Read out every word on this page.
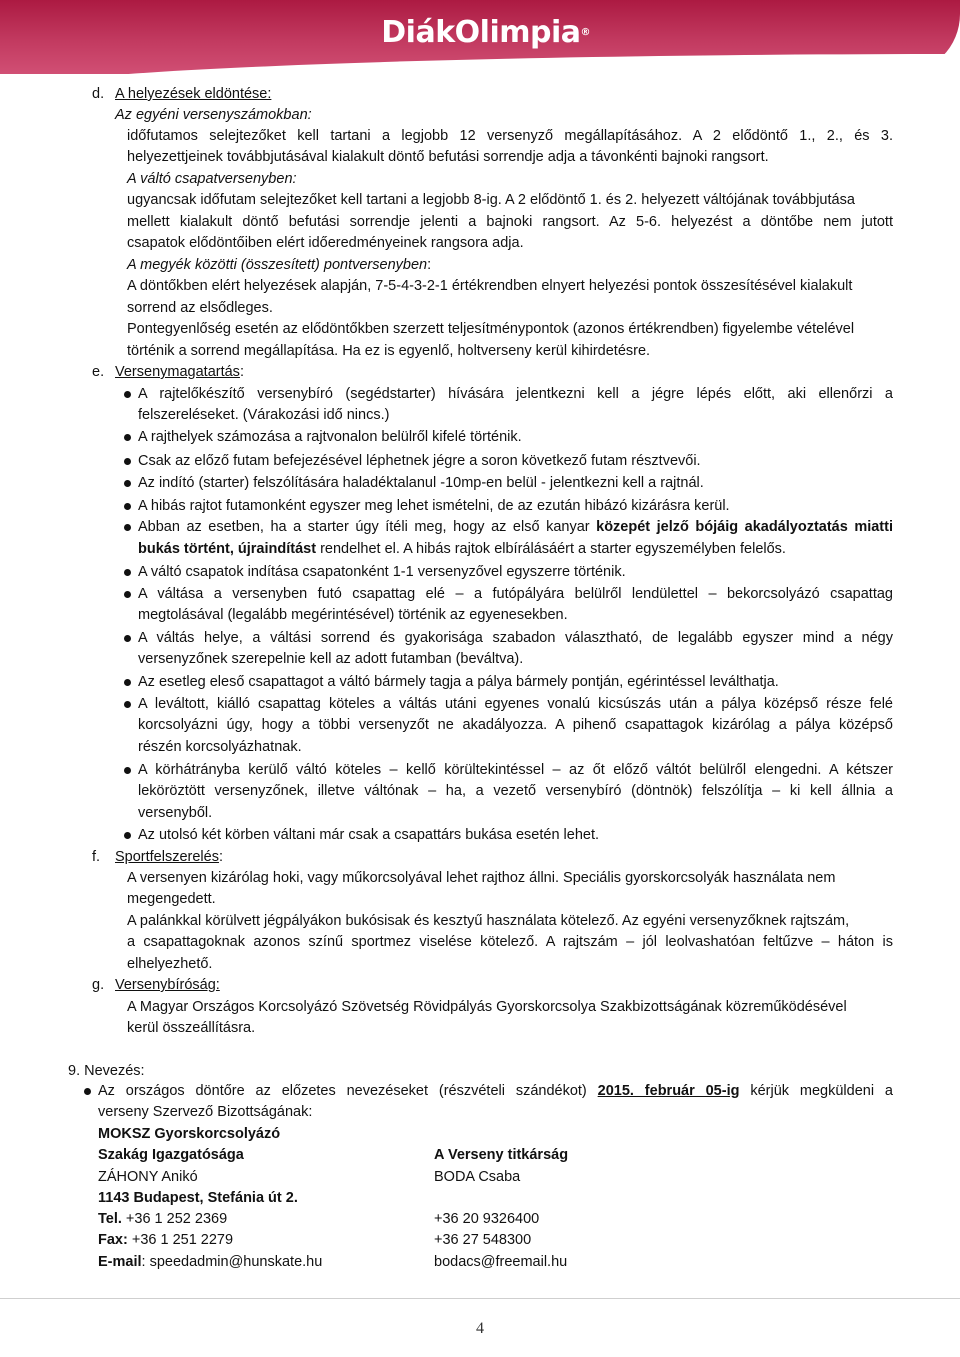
DiákOlimpia®
d. A helyezések eldöntése:
Az egyéni versenyszámokban:
időfutamos selejtezőket kell tartani a legjobb 12 versenyző megállapításához. A 2 elődöntő 1., 2., és 3.
helyezettjeinek továbbjutásával kialakult döntő befutási sorrendje adja a távonkénti bajnoki rangsort.
A váltó csapatversenyben:
ugyancsak időfutam selejtezőket kell tartani a legjobb 8-ig. A 2 elődöntő 1. és 2. helyezett váltójának továbbjutása
mellett kialakult döntő befutási sorrendje jelenti a bajnoki rangsort. Az 5-6. helyezést a döntőbe nem jutott
csapatok elődöntőiben elért időeredményeinek rangsora adja.
A megyék közötti (összesített) pontversenyben:
A döntőkben elért helyezések alapján, 7-5-4-3-2-1 értékrendben elnyert helyezési pontok összesítésével kialakult
sorrend az elsődleges.
Pontegyenlőség esetén az elődöntőkben szerzett teljesítménypontok (azonos értékrendben) figyelembe vételével
történik a sorrend megállapítása. Ha ez is egyenlő, holtverseny kerül kihirdetésre.
e. Versenymagatartás:
A rajtelőkészítő versenybíró (segédstarter) hívására jelentkezni kell a jégre lépés előtt, aki ellenőrzi a
felszereléseket. (Várakozási idő nincs.)
A rajthelyek számozása a rajtvonalon belülről kifelé történik.
Csak az előző futam befejezésével léphetnek jégre a soron következő futam résztvevői.
Az indító (starter) felszólítására haladéktalanul -10mp-en belül - jelentkezni kell a rajtnál.
A hibás rajtot futamonként egyszer meg lehet ismételni, de az ezután hibázó kizárásra kerül.
Abban az esetben, ha a starter úgy ítéli meg, hogy az első kanyar közepét jelző bójáig akadályoztatás miatti
bukás történt, újraindítást rendelhet el. A hibás rajtok elbírálásáért a starter egyszemélyben felelős.
A váltó csapatok indítása csapatonként 1-1 versenyzővel egyszerre történik.
A váltása a versenyben futó csapattag elé – a futópályára belülről lendülettel – bekorcsolyázó csapattag
megtolásával (legalább megérintésével) történik az egyenesekben.
A váltás helye, a váltási sorrend és gyakorisága szabadon választható, de legalább egyszer mind a négy
versenyzőnek szerepelnie kell az adott futamban (beváltva).
Az esetleg eleső csapattagot a váltó bármely tagja a pálya bármely pontján, egérintéssel leválthatja.
A leváltott, kiálló csapattag köteles a váltás utáni egyenes vonalú kicsúszás után a pálya középső része felé
korcsolyázni úgy, hogy a többi versenyzőt ne akadályozza. A pihenő csapattagok kizárólag a pálya középső
részén korcsolyázhatnak.
A körhátrányba kerülő váltó köteles – kellő körültekintéssel – az őt előző váltót belülről elengedni. A kétszer
leköröztött versenyzőnek, illetve váltónak – ha, a vezető versenybíró (döntnök) felszólítja – ki kell állnia a
versenyből.
Az utolsó két körben váltani már csak a csapattárs bukása esetén lehet.
f. Sportfelszerelés:
A versenyen kizárólag hoki, vagy műkorcsolyával lehet rajthoz állni. Speciális gyorskorcsolyák használata nem
megengedett.
A palánkkal körülvett jégpályákon bukósisak és kesztyű használata kötelező. Az egyéni versenyzőknek rajtszám,
a csapattagoknak azonos színű sportmez viselése kötelező. A rajtszám – jól leolvashatóan feltűzve – háton is
elhelyezhető.
g. Versenybíróság:
A Magyar Országos Korcsolyázó Szövetség Rövidpályás Gyorskorcsolya Szakbizottságának közreműködésével
kerül összeállításra.
9. Nevezés:
Az országos döntőre az előzetes nevezéseket (részvételi szándékot) 2015. február 05-ig kérjük megküldeni a
verseny Szervező Bizottságának:
MOKSZ Gyorskorcsolyázó
Szakág Igazgatósága	A Verseny titkárság
ZÁHONY Anikó	BODA Csaba
1143 Budapest, Stefánia út 2.
Tel. +36 1 252 2369	+36 20 9326400
Fax: +36 1 251 2279	+36 27 548300
E-mail: speedadmin@hunskate.hu	bodacs@freemail.hu
4
